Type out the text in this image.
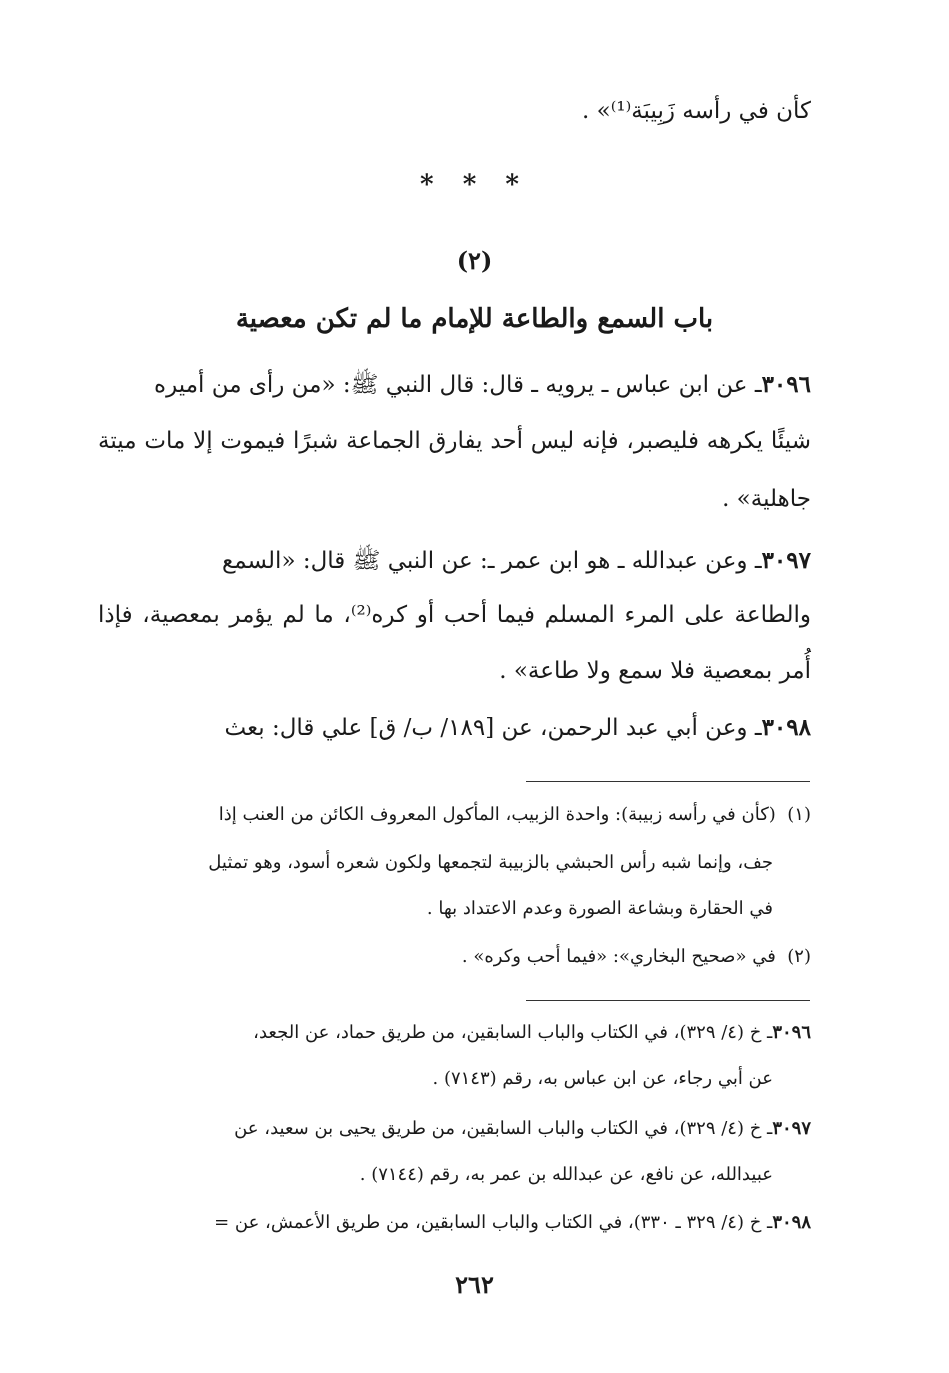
كأن في رأسه زَبِيبَة⁽¹⁾» .
* * *
(٢)
باب السمع والطاعة للإمام ما لم تكن معصية
٣٠٩٦ـ عن ابن عباس ـ يرويه ـ قال: قال النبي ﷺ: «من رأى من أميره
شيئًا يكرهه فليصبر، فإنه ليس أحد يفارق الجماعة شبرًا فيموت إلا مات ميتة
جاهلية» .
٣٠٩٧ـ وعن عبدالله ـ هو ابن عمر ـ: عن النبي ﷺ قال: «السمع
والطاعة على المرء المسلم فيما أحب أو كره⁽²⁾، ما لم يؤمر بمعصية، فإذا
أُمر بمعصية فلا سمع ولا طاعة» .
٣٠٩٨ـ وعن أبي عبد الرحمن، عن [١٨٩/ ب/ ق] علي قال: بعث
(١)  (كأن في رأسه زبيبة): واحدة الزبيب، المأكول المعروف الكائن من العنب إذا
جف، وإنما شبه رأس الحبشي بالزبيبة لتجمعها ولكون شعره أسود، وهو تمثيل
في الحقارة وبشاعة الصورة وعدم الاعتداد بها .
(٢)  في «صحيح البخاري»: «فيما أحب وكره» .
٣٠٩٦ـ خ (٤/ ٣٢٩)، في الكتاب والباب السابقين، من طريق حماد، عن الجعد،
عن أبي رجاء، عن ابن عباس به، رقم (٧١٤٣) .
٣٠٩٧ـ خ (٤/ ٣٢٩)، في الكتاب والباب السابقين، من طريق يحيى بن سعيد، عن
عبيدالله، عن نافع، عن عبدالله بن عمر به، رقم (٧١٤٤) .
٣٠٩٨ـ خ (٤/ ٣٢٩ ـ ٣٣٠)، في الكتاب والباب السابقين، من طريق الأعمش، عن =
٢٦٢
